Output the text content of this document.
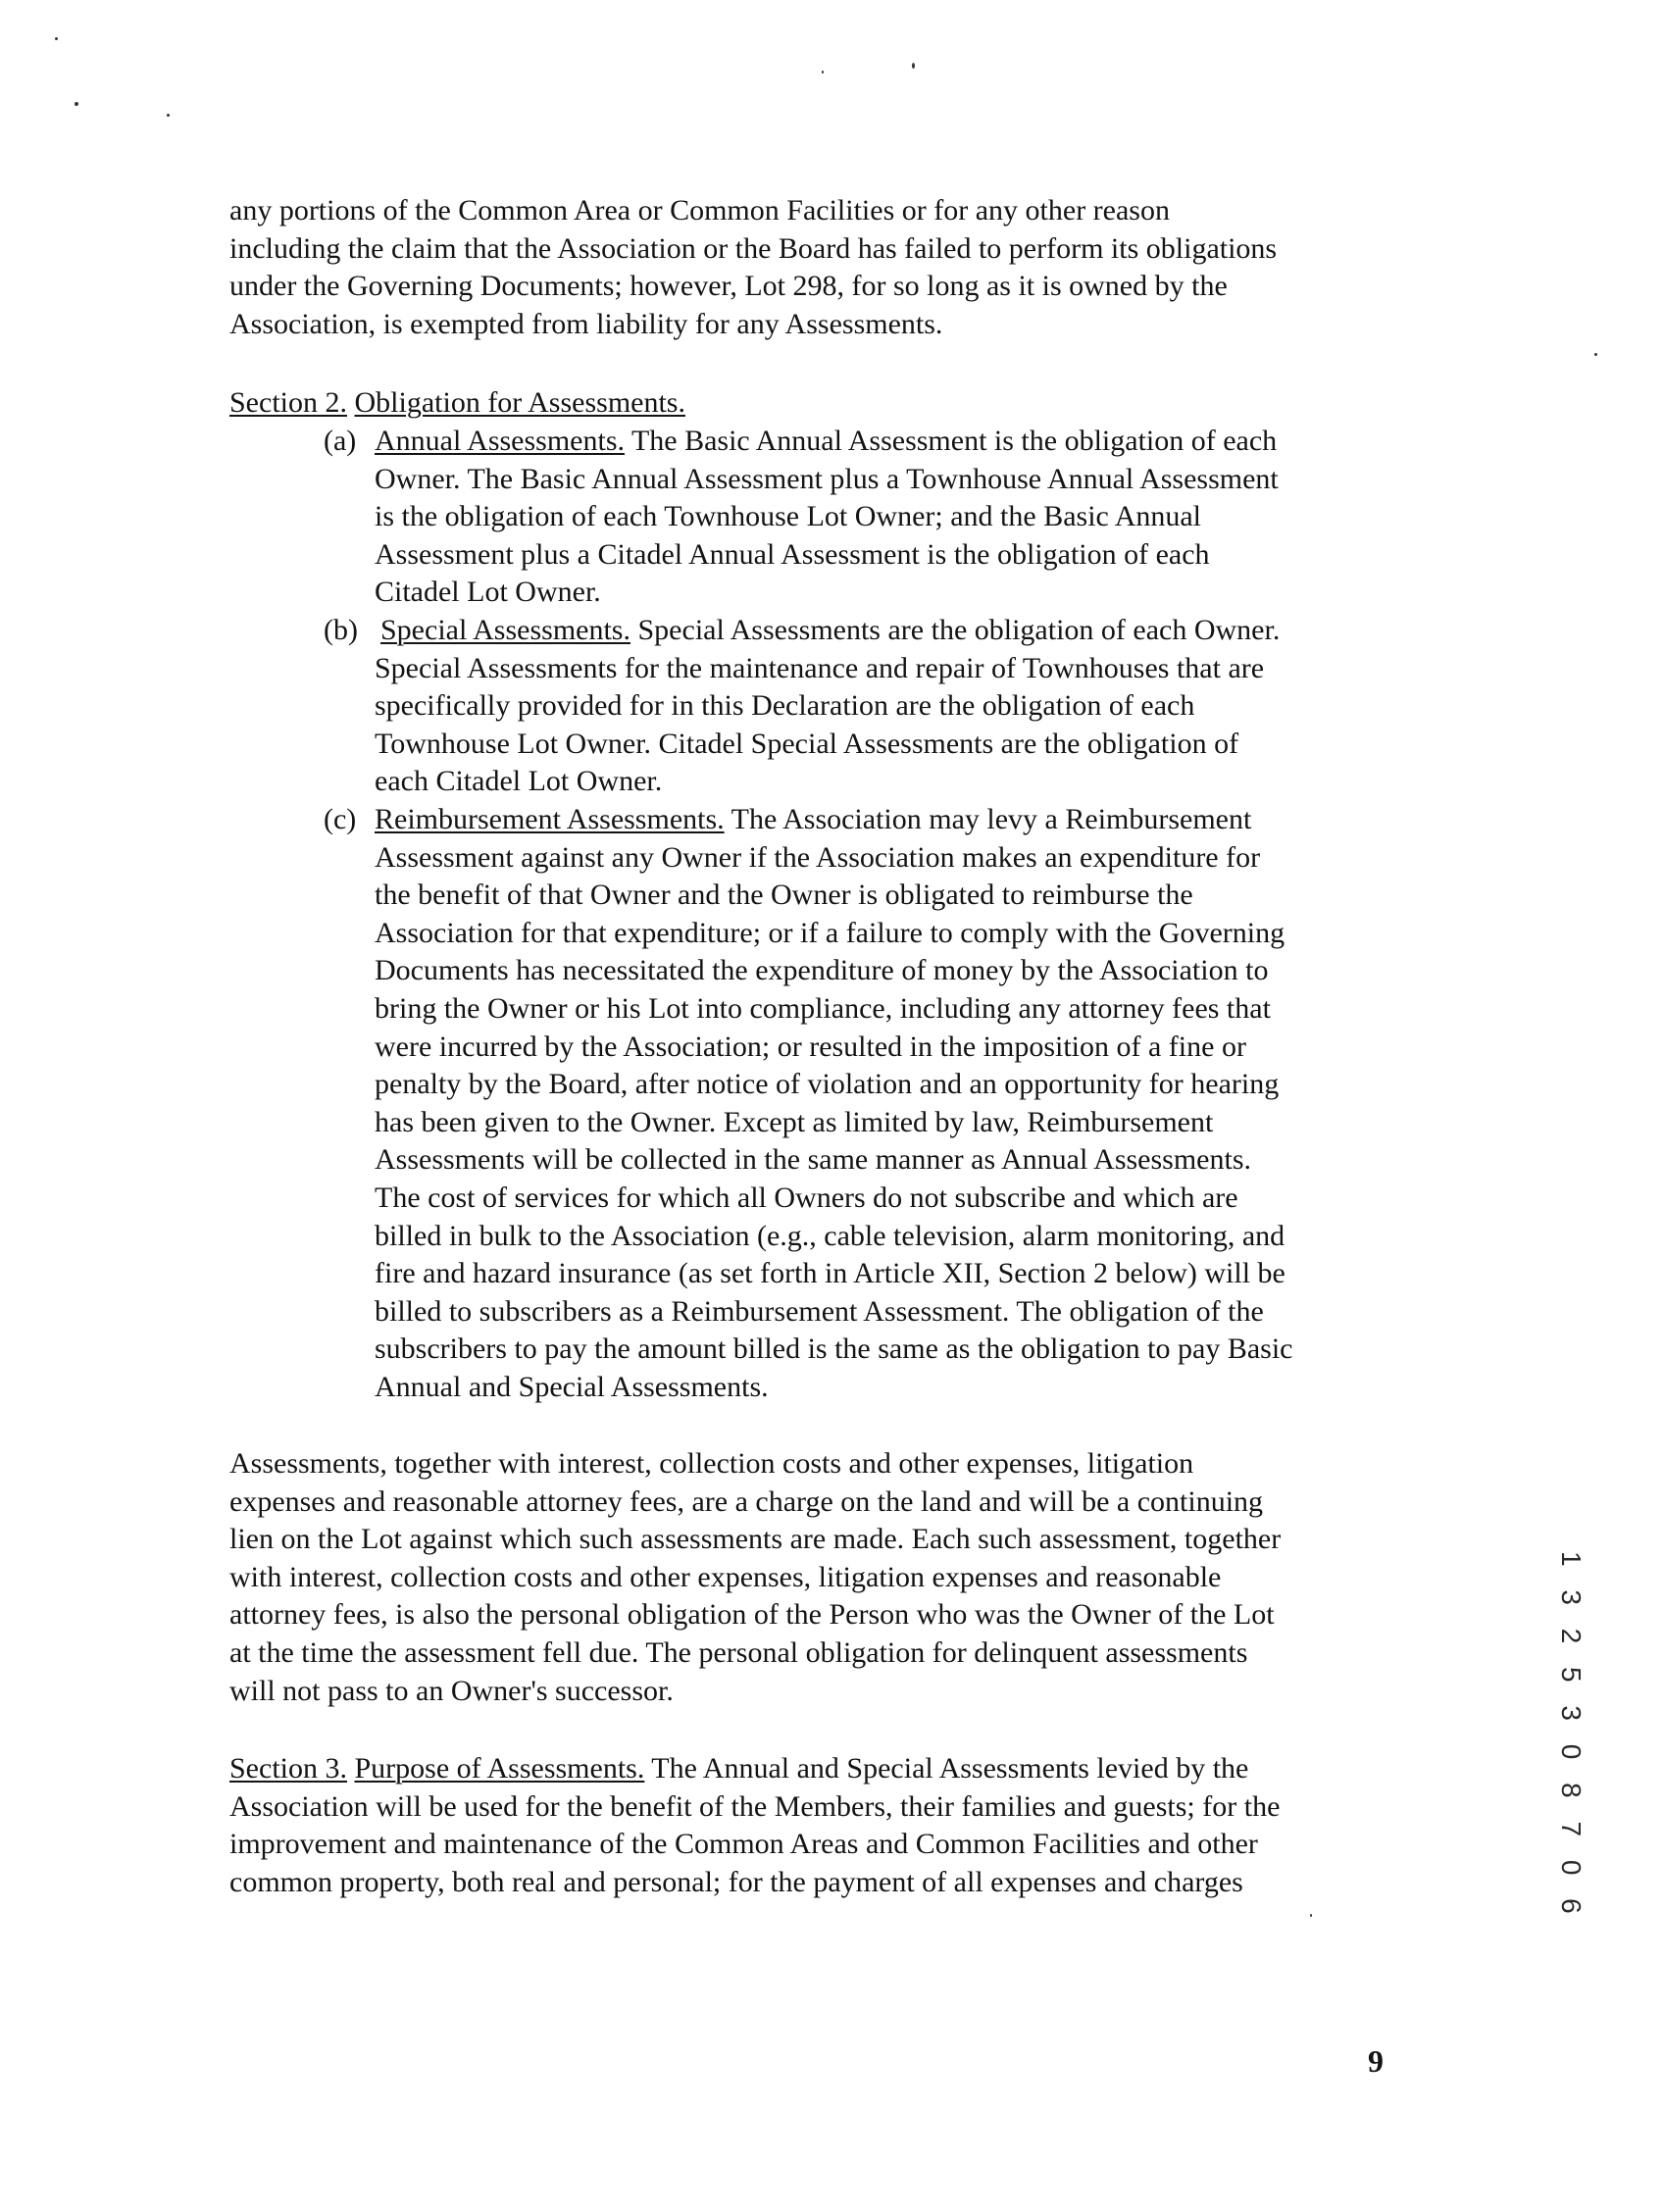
any portions of the Common Area or Common Facilities or for any other reason
including the claim that the Association or the Board has failed to perform its obligations
under the Governing Documents; however, Lot 298, for so long as it is owned by the
Association, is exempted from liability for any Assessments.

Section 2. Obligation for Assessments.

(a) Annual Assessments. The Basic Annual Assessment is the obligation of each
Owner. The Basic Annual Assessment plus a Townhouse Annual Assessment
is the obligation of each Townhouse Lot Owner; and the Basic Annual
Assessment plus a Citadel Annual Assessment is the obligation of each
Citadel Lot Owner.
(b) Special Assessments. Special Assessments are the obligation of each Owner.
Special Assessments for the maintenance and repair of Townhouses that are
specifically provided for in this Declaration are the obligation of each
Townhouse Lot Owner. Citadel Special Assessments are the obligation of
each Citadel Lot Owner.
(c) Reimbursement Assessments. The Association may levy a Reimbursement
Assessment against any Owner if the Association makes an expenditure for
the benefit of that Owner and the Owner is obligated to reimburse the
Association for that expenditure; or if a failure to comply with the Governing
Documents has necessitated the expenditure of money by the Association to
bring the Owner or his Lot into compliance, including any attorney fees that
were incurred by the Association; or resulted in the imposition of a fine or
penalty by the Board, after notice of violation and an opportunity for hearing
has been given to the Owner. Except as limited by law, Reimbursement
Assessments will be collected in the same manner as Annual Assessments.
The cost of services for which all Owners do not subscribe and which are
billed in bulk to the Association (e.g., cable television, alarm monitoring, and
fire and hazard insurance (as set forth in Article XII, Section 2 below) will be
billed to subscribers as a Reimbursement Assessment. The obligation of the
subscribers to pay the amount billed is the same as the obligation to pay Basic
Annual and Special Assessments.

Assessments, together with interest, collection costs and other expenses, litigation
expenses and reasonable attorney fees, are a charge on the land and will be a continuing
lien on the Lot against which such assessments are made. Each such assessment, together
with interest, collection costs and other expenses, litigation expenses and reasonable
attorney fees, is also the personal obligation of the Person who was the Owner of the Lot
at the time the assessment fell due. The personal obligation for delinquent assessments
will not pass to an Owner's successor.

Section 3. Purpose of Assessments. The Annual and Special Assessments levied by the
Association will be used for the benefit of the Members, their families and guests; for the
improvement and maintenance of the Common Areas and Common Facilities and other
common property, both real and personal; for the payment of all expenses and charges	1 3 2 5 3 0 8 7 0 6
9
